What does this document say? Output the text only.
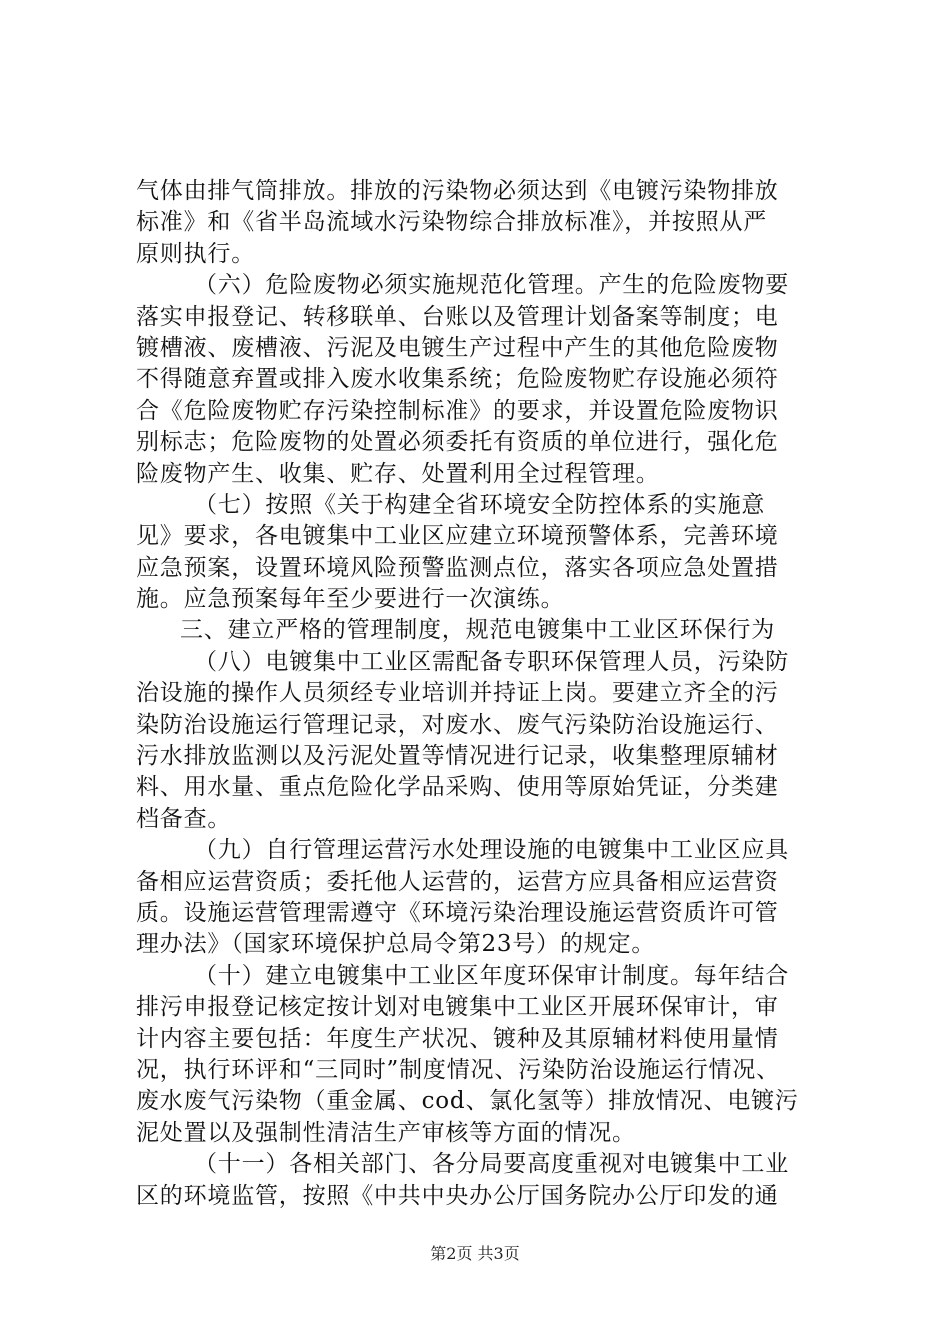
气体由排气筒排放。排放的污染物必须达到《电镀污染物排放
标准》和《省半岛流域水污染物综合排放标准》，并按照从严
原则执行。
（六）危险废物必须实施规范化管理。产生的危险废物要
落实申报登记、转移联单、台账以及管理计划备案等制度；电
镀槽液、废槽液、污泥及电镀生产过程中产生的其他危险废物
不得随意弃置或排入废水收集系统；危险废物贮存设施必须符
合《危险废物贮存污染控制标准》的要求，并设置危险废物识
别标志；危险废物的处置必须委托有资质的单位进行，强化危
险废物产生、收集、贮存、处置利用全过程管理。
（七）按照《关于构建全省环境安全防控体系的实施意
见》要求，各电镀集中工业区应建立环境预警体系，完善环境
应急预案，设置环境风险预警监测点位，落实各项应急处置措
施。应急预案每年至少要进行一次演练。
三、建立严格的管理制度，规范电镀集中工业区环保行为
（八）电镀集中工业区需配备专职环保管理人员，污染防
治设施的操作人员须经专业培训并持证上岗。要建立齐全的污
染防治设施运行管理记录，对废水、废气污染防治设施运行、
污水排放监测以及污泥处置等情况进行记录，收集整理原辅材
料、用水量、重点危险化学品采购、使用等原始凭证，分类建
档备查。
（九）自行管理运营污水处理设施的电镀集中工业区应具
备相应运营资质；委托他人运营的，运营方应具备相应运营资
质。设施运营管理需遵守《环境污染治理设施运营资质许可管
理办法》（国家环境保护总局令第23号）的规定。
（十）建立电镀集中工业区年度环保审计制度。每年结合
排污申报登记核定按计划对电镀集中工业区开展环保审计，审
计内容主要包括：年度生产状况、镀种及其原辅材料使用量情
况，执行环评和“三同时”制度情况、污染防治设施运行情况、
废水废气污染物（重金属、cod、氯化氢等）排放情况、电镀污
泥处置以及强制性清洁生产审核等方面的情况。
（十一）各相关部门、各分局要高度重视对电镀集中工业
区的环境监管，按照《中共中央办公厅国务院办公厅印发的通
第2页 共3页
